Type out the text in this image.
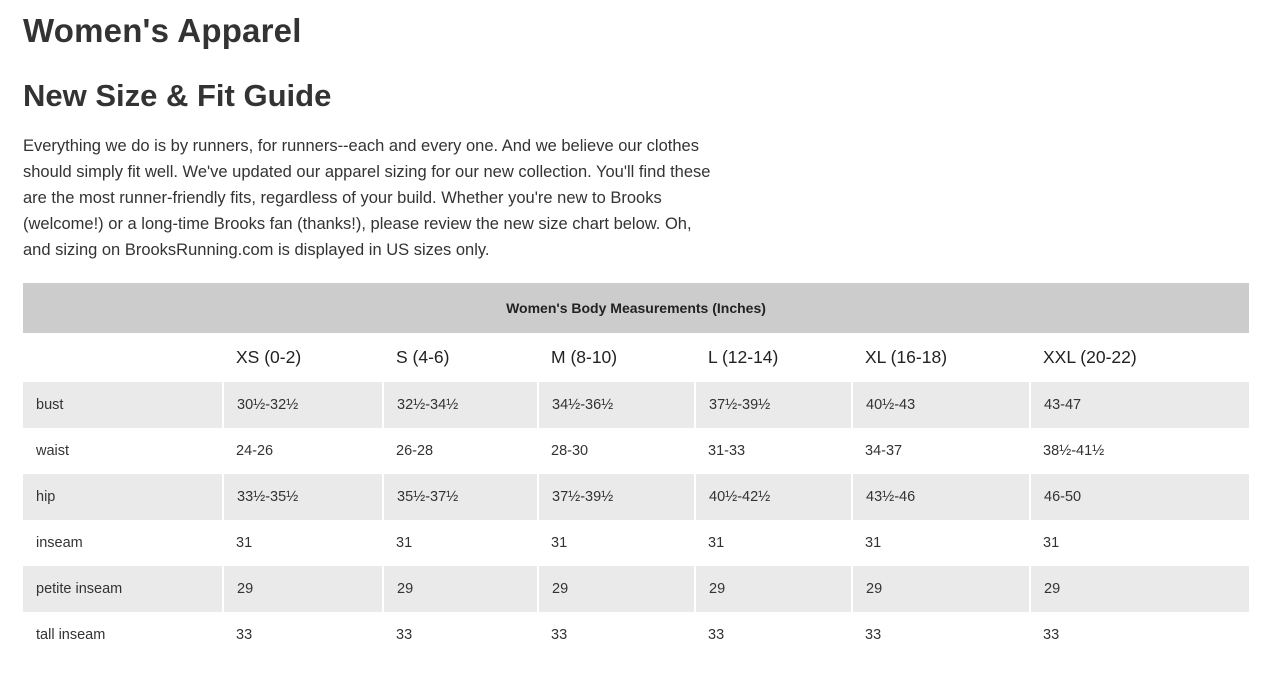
Women's Apparel
New Size & Fit Guide

Everything we do is by runners, for runners--each and every one. And we believe our clothes should simply fit well. We've updated our apparel sizing for our new collection. You'll find these are the most runner-friendly fits, regardless of your build. Whether you're new to Brooks (welcome!) or a long-time Brooks fan (thanks!), please review the new size chart below. Oh, and sizing on BrooksRunning.com is displayed in US sizes only.

Women's Body Measurements (Inches)						
	XS (0-2)	S (4-6)	M (8-10)	L (12-14)	XL (16-18)	XXL (20-22)
bust	30½-32½	32½-34½	34½-36½	37½-39½	40½-43	43-47
waist	24-26	26-28	28-30	31-33	34-37	38½-41½
hip	33½-35½	35½-37½	37½-39½	40½-42½	43½-46	46-50
inseam	31	31	31	31	31	31
petite inseam	29	29	29	29	29	29
tall inseam	33	33	33	33	33	33
